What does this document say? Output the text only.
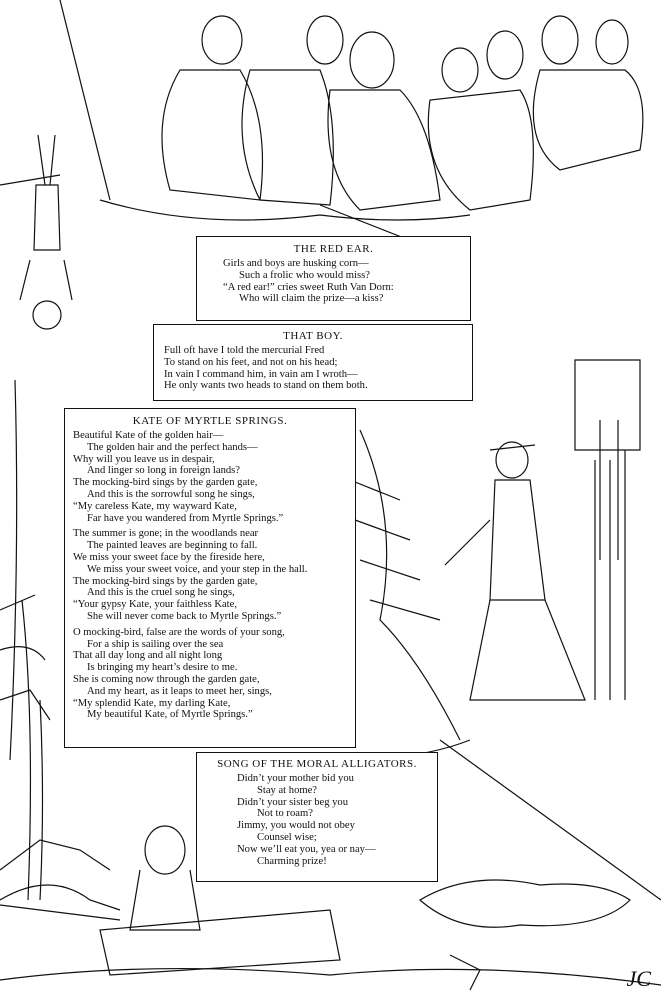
THE RED EAR.
Girls and boys are husking corn—
Such a frolic who would miss?
“A red ear!” cries sweet Ruth Van Dorn:
Who will claim the prize—a kiss?
THAT BOY.
Full oft have I told the mercurial Fred
To stand on his feet, and not on his head;
In vain I command him, in vain am I wroth—
He only wants two heads to stand on them both.
KATE OF MYRTLE SPRINGS.
Beautiful Kate of the golden hair—
The golden hair and the perfect hands—
Why will you leave us in despair,
And linger so long in foreign lands?
The mocking-bird sings by the garden gate,
And this is the sorrowful song he sings,
“My careless Kate, my wayward Kate,
Far have you wandered from Myrtle Springs.”
The summer is gone; in the woodlands near
The painted leaves are beginning to fall.
We miss your sweet face by the fireside here,
We miss your sweet voice, and your step in the hall.
The mocking-bird sings by the garden gate,
And this is the cruel song he sings,
“Your gypsy Kate, your faithless Kate,
She will never come back to Myrtle Springs.”
O mocking-bird, false are the words of your song,
For a ship is sailing over the sea
That all day long and all night long
Is bringing my heart’s desire to me.
She is coming now through the garden gate,
And my heart, as it leaps to meet her, sings,
“My splendid Kate, my darling Kate,
My beautiful Kate, of Myrtle Springs.”
SONG OF THE MORAL ALLIGATORS.
Didn’t your mother bid you
Stay at home?
Didn’t your sister beg you
Not to roam?
Jimmy, you would not obey
Counsel wise;
Now we’ll eat you, yea or nay—
Charming prize!
JC
